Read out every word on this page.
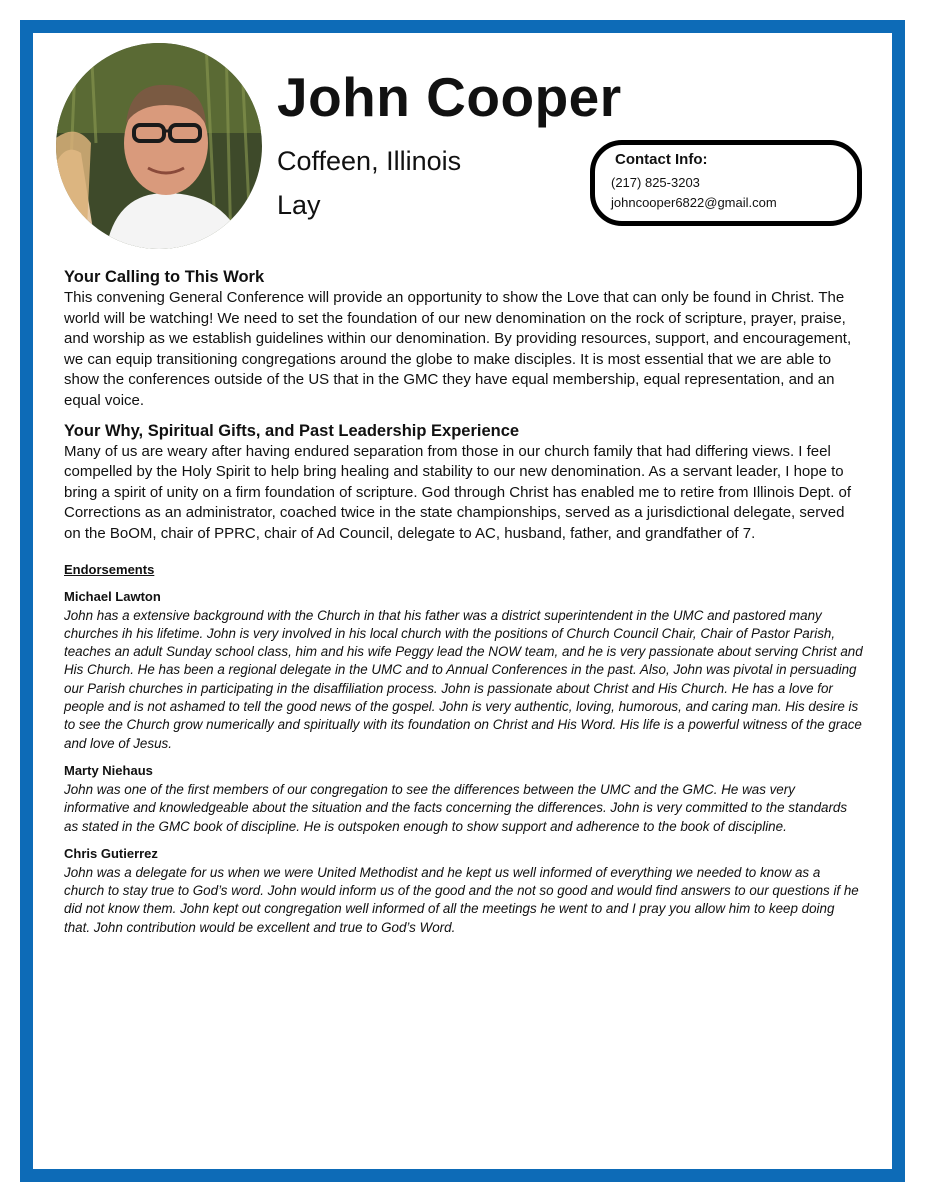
John Cooper

Coffeen, Illinois

Lay

Contact Info:
(217) 825-3203
johncooper6822@gmail.com
Your Calling to This Work

This convening General Conference will provide an opportunity to show the Love that can only be found in Christ. The world will be watching! We need to set the foundation of our new denomination on the rock of scripture, prayer, praise, and worship as we establish guidelines within our denomination. By providing resources, support, and encouragement, we can equip transitioning congregations around the globe to make disciples. It is most essential that we are able to show the conferences outside of the US that in the GMC they have equal membership, equal representation, and an equal voice.

Your Why, Spiritual Gifts, and Past Leadership Experience

Many of us are weary after having endured separation from those in our church family that had differing views. I feel compelled by the Holy Spirit to help bring healing and stability to our new denomination. As a servant leader, I hope to bring a spirit of unity on a firm foundation of scripture. God through Christ has enabled me to retire from Illinois Dept. of Corrections as an administrator, coached twice in the state championships, served as a jurisdictional delegate, served on the BoOM, chair of PPRC, chair of Ad Council, delegate to AC, husband, father, and grandfather of 7.

Endorsements
Michael Lawton
John has a extensive background with the Church in that his father was a district superintendent in the UMC and pastored many churches ih his lifetime. John is very involved in his local church with the positions of Church Council Chair, Chair of Pastor Parish, teaches an adult Sunday school class, him and his wife Peggy lead the NOW team, and he is very passionate about serving Christ and His Church. He has been a regional delegate in the UMC and to Annual Conferences in the past. Also, John was pivotal in persuading our Parish churches in participating in the disaffiliation process. John is passionate about Christ and His Church. He has a love for people and is not ashamed to tell the good news of the gospel. John is very authentic, loving, humorous, and caring man. His desire is to see the Church grow numerically and spiritually with its foundation on Christ and His Word. His life is a powerful witness of the grace and love of Jesus.
Marty Niehaus
John was one of the first members of our congregation to see the differences between the UMC and the GMC. He was very informative and knowledgeable about the situation and the facts concerning the differences. John is very committed to the standards as stated in the GMC book of discipline. He is outspoken enough to show support and adherence to the book of discipline.
Chris Gutierrez
John was a delegate for us when we were United Methodist and he kept us well informed of everything we needed to know as a church to stay true to God’s word. John would inform us of the good and the not so good and would find answers to our questions if he did not know them. John kept out congregation well informed of all the meetings he went to and I pray you allow him to keep doing that. John contribution would be excellent and true to God’s Word.
